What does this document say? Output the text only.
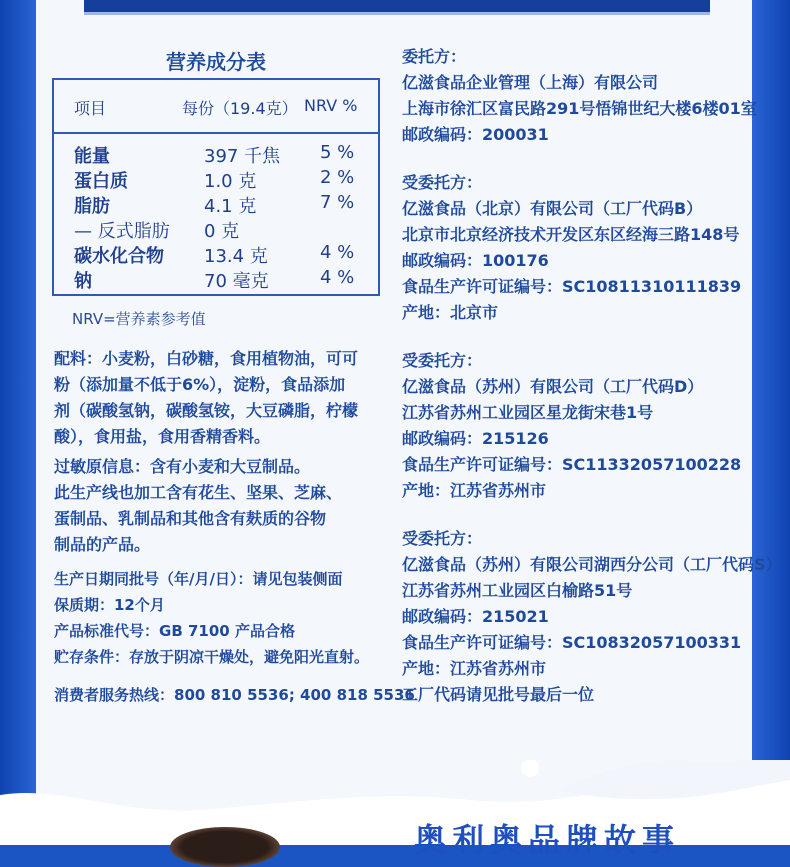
营养成分表
项目	每份（19.4克） NRV %
能量	397 千焦 5 %
蛋白质	1.0 克	2 %
脂肪	4.1 克	7 %
— 反式脂肪 0 克
碳水化合物 13.4 克	4 %
钠	70 毫克	4 %
NRV=营养素参考值
配料：小麦粉，白砂糖，食用植物油，可可
粉（添加量不低于6%），淀粉，食品添加
剂（碳酸氢钠，碳酸氢铵，大豆磷脂，柠檬
酸），食用盐，食用香精香料。
过敏原信息：含有小麦和大豆制品。
此生产线也加工含有花生、坚果、芝麻、
蛋制品、乳制品和其他含有麸质的谷物
制品的产品。
生产日期同批号（年/月/日）：请见包装侧面
保质期：12个月
产品标准代号：GB 7100 产品合格
贮存条件：存放于阴凉干燥处，避免阳光直射。
消费者服务热线：800 810 5536; 400 818 5536
委托方：
亿滋食品企业管理（上海）有限公司
上海市徐汇区富民路291号悟锦世纪大楼6楼01室
邮政编码：200031
受委托方：
亿滋食品（北京）有限公司（工厂代码B）
北京市北京经济技术开发区东区经海三路148号
邮政编码：100176
食品生产许可证编号：SC10811310111839
产地：北京市
受委托方：
亿滋食品（苏州）有限公司（工厂代码D）
江苏省苏州工业园区星龙街宋巷1号
邮政编码：215126
食品生产许可证编号：SC11332057100228
产地：江苏省苏州市
受委托方：
亿滋食品（苏州）有限公司湖西分公司（工厂代码S）
江苏省苏州工业园区白榆路51号
邮政编码：215021
食品生产许可证编号：SC10832057100331
产地：江苏省苏州市
工厂代码请见批号最后一位
奥利奥品牌故事
